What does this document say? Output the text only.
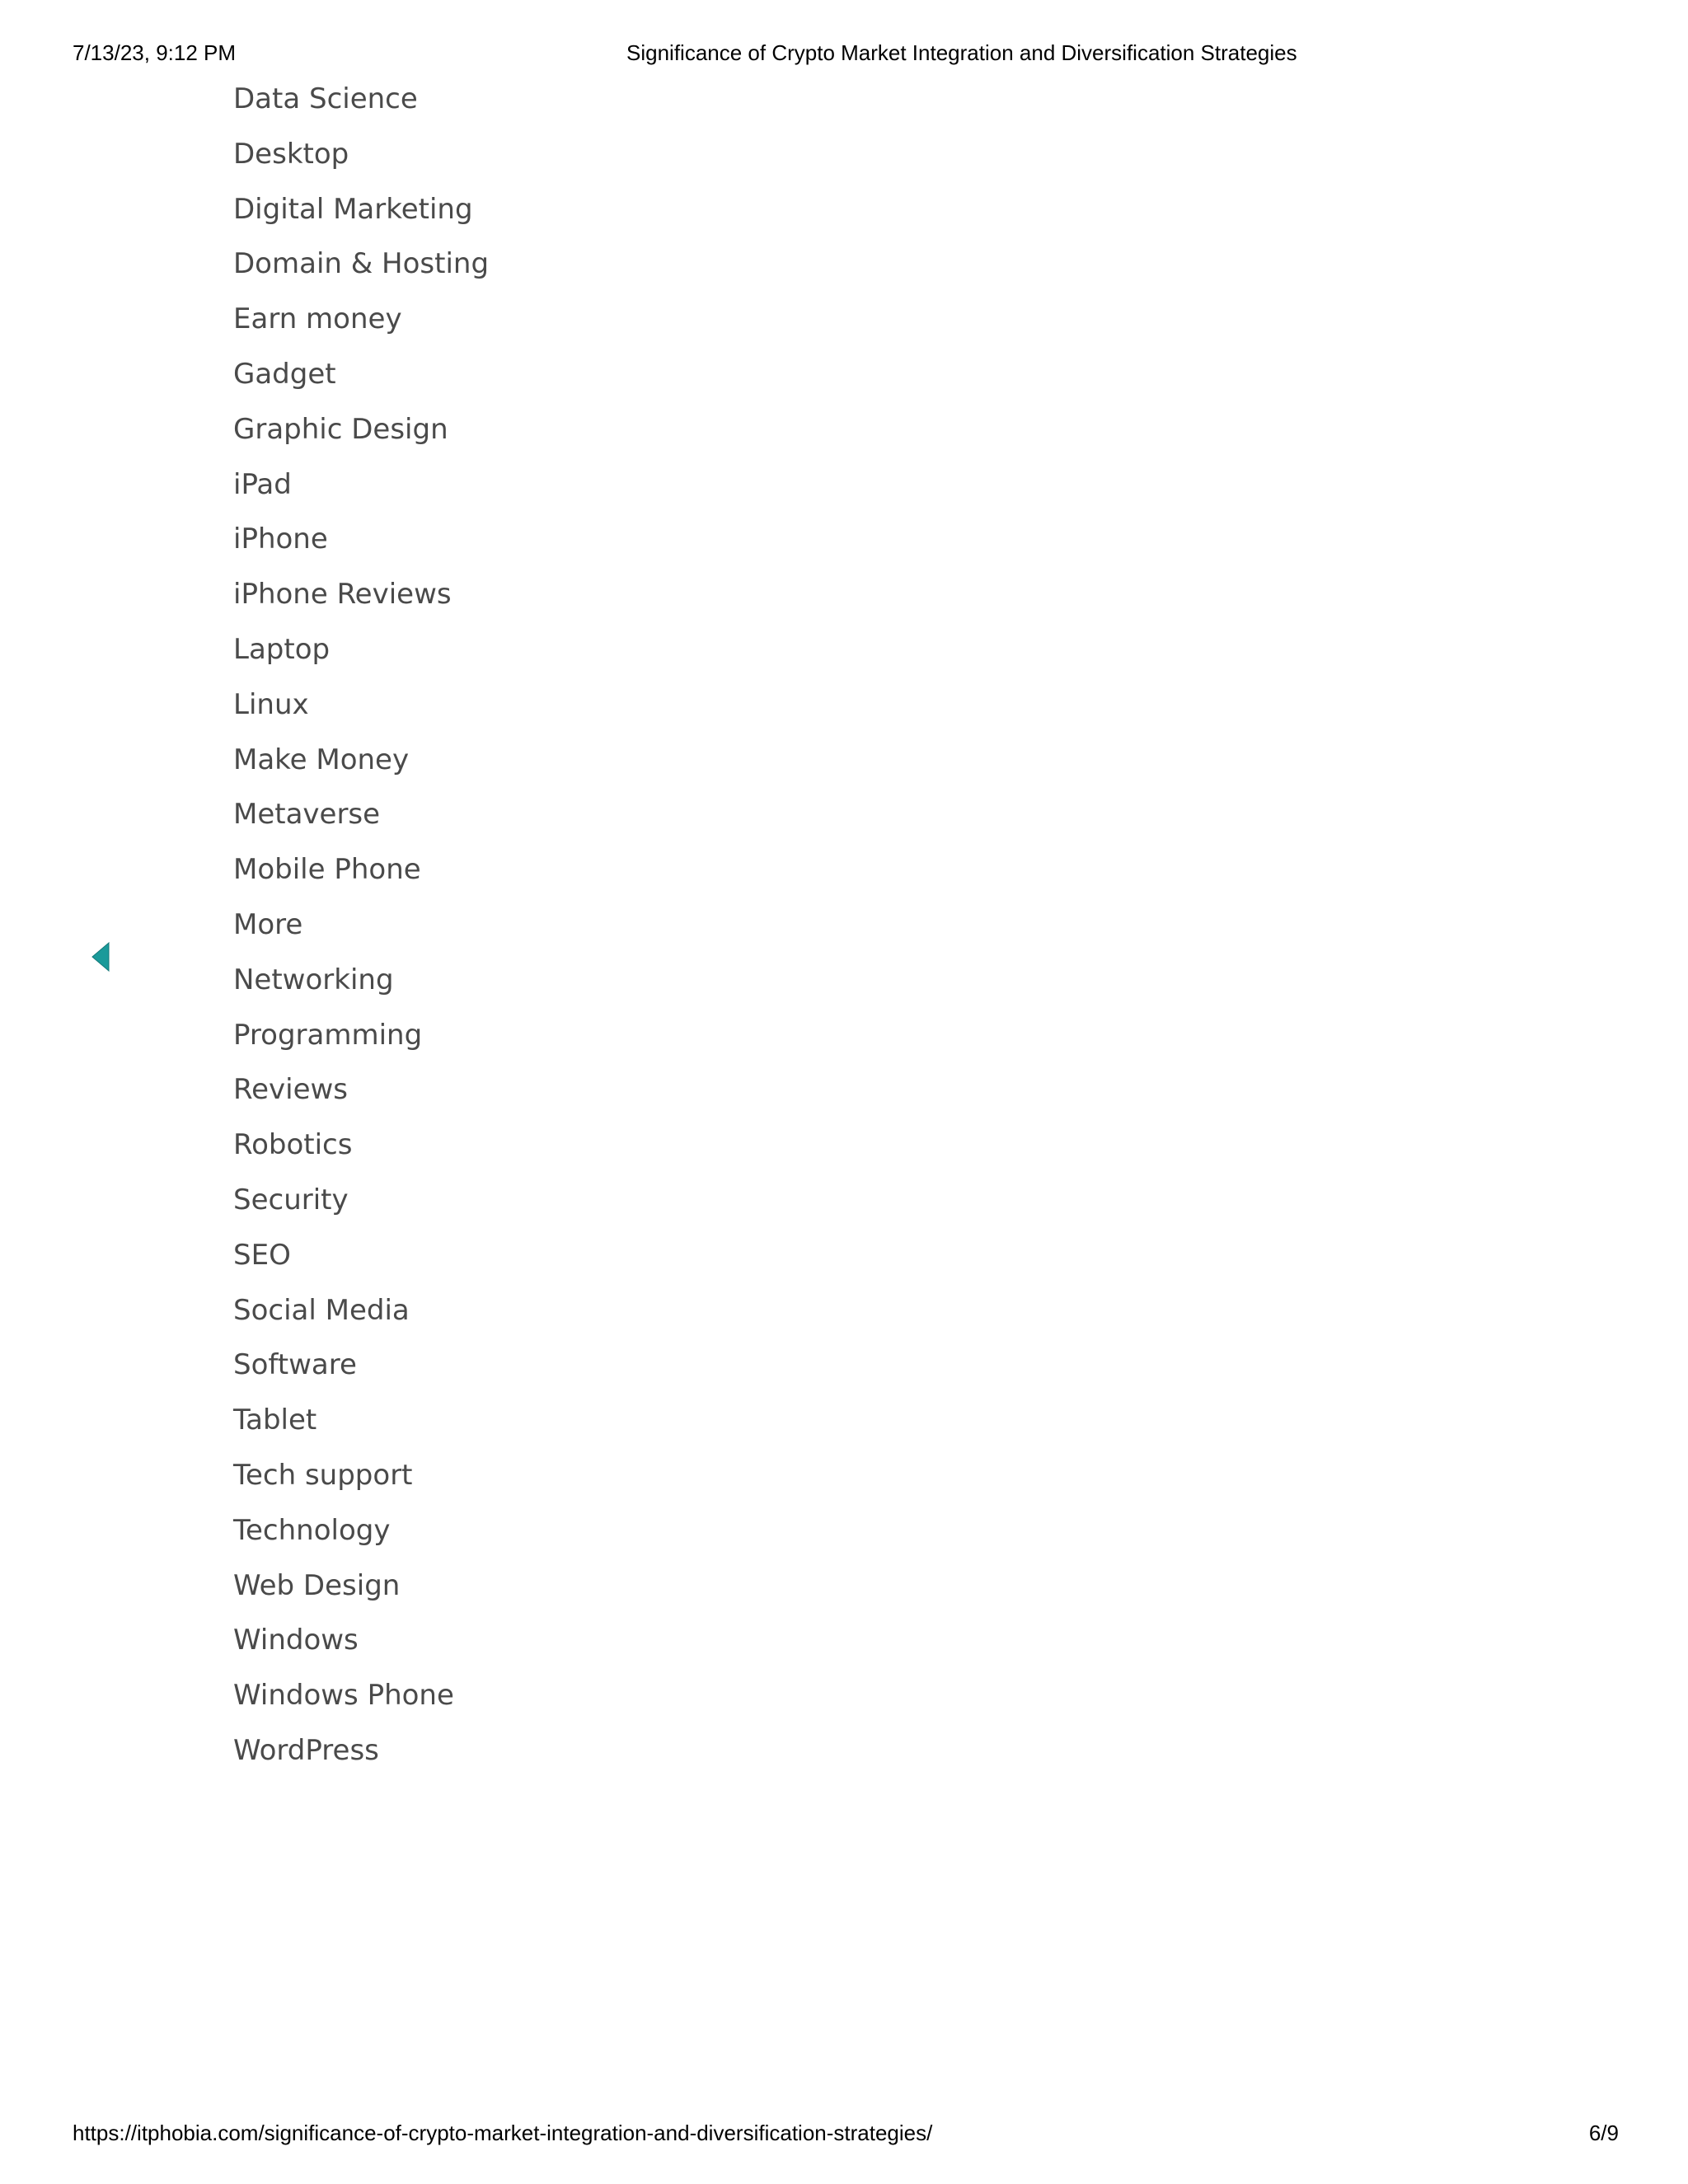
7/13/23, 9:12 PM	Significance of Crypto Market Integration and Diversification Strategies
Data Science
Desktop
Digital Marketing
Domain & Hosting
Earn money
Gadget
Graphic Design
iPad
iPhone
iPhone Reviews
Laptop
Linux
Make Money
Metaverse
Mobile Phone
More
Networking
Programming
Reviews
Robotics
Security
SEO
Social Media
Software
Tablet
Tech support
Technology
Web Design
Windows
Windows Phone
WordPress
https://itphobia.com/significance-of-crypto-market-integration-and-diversification-strategies/	6/9
